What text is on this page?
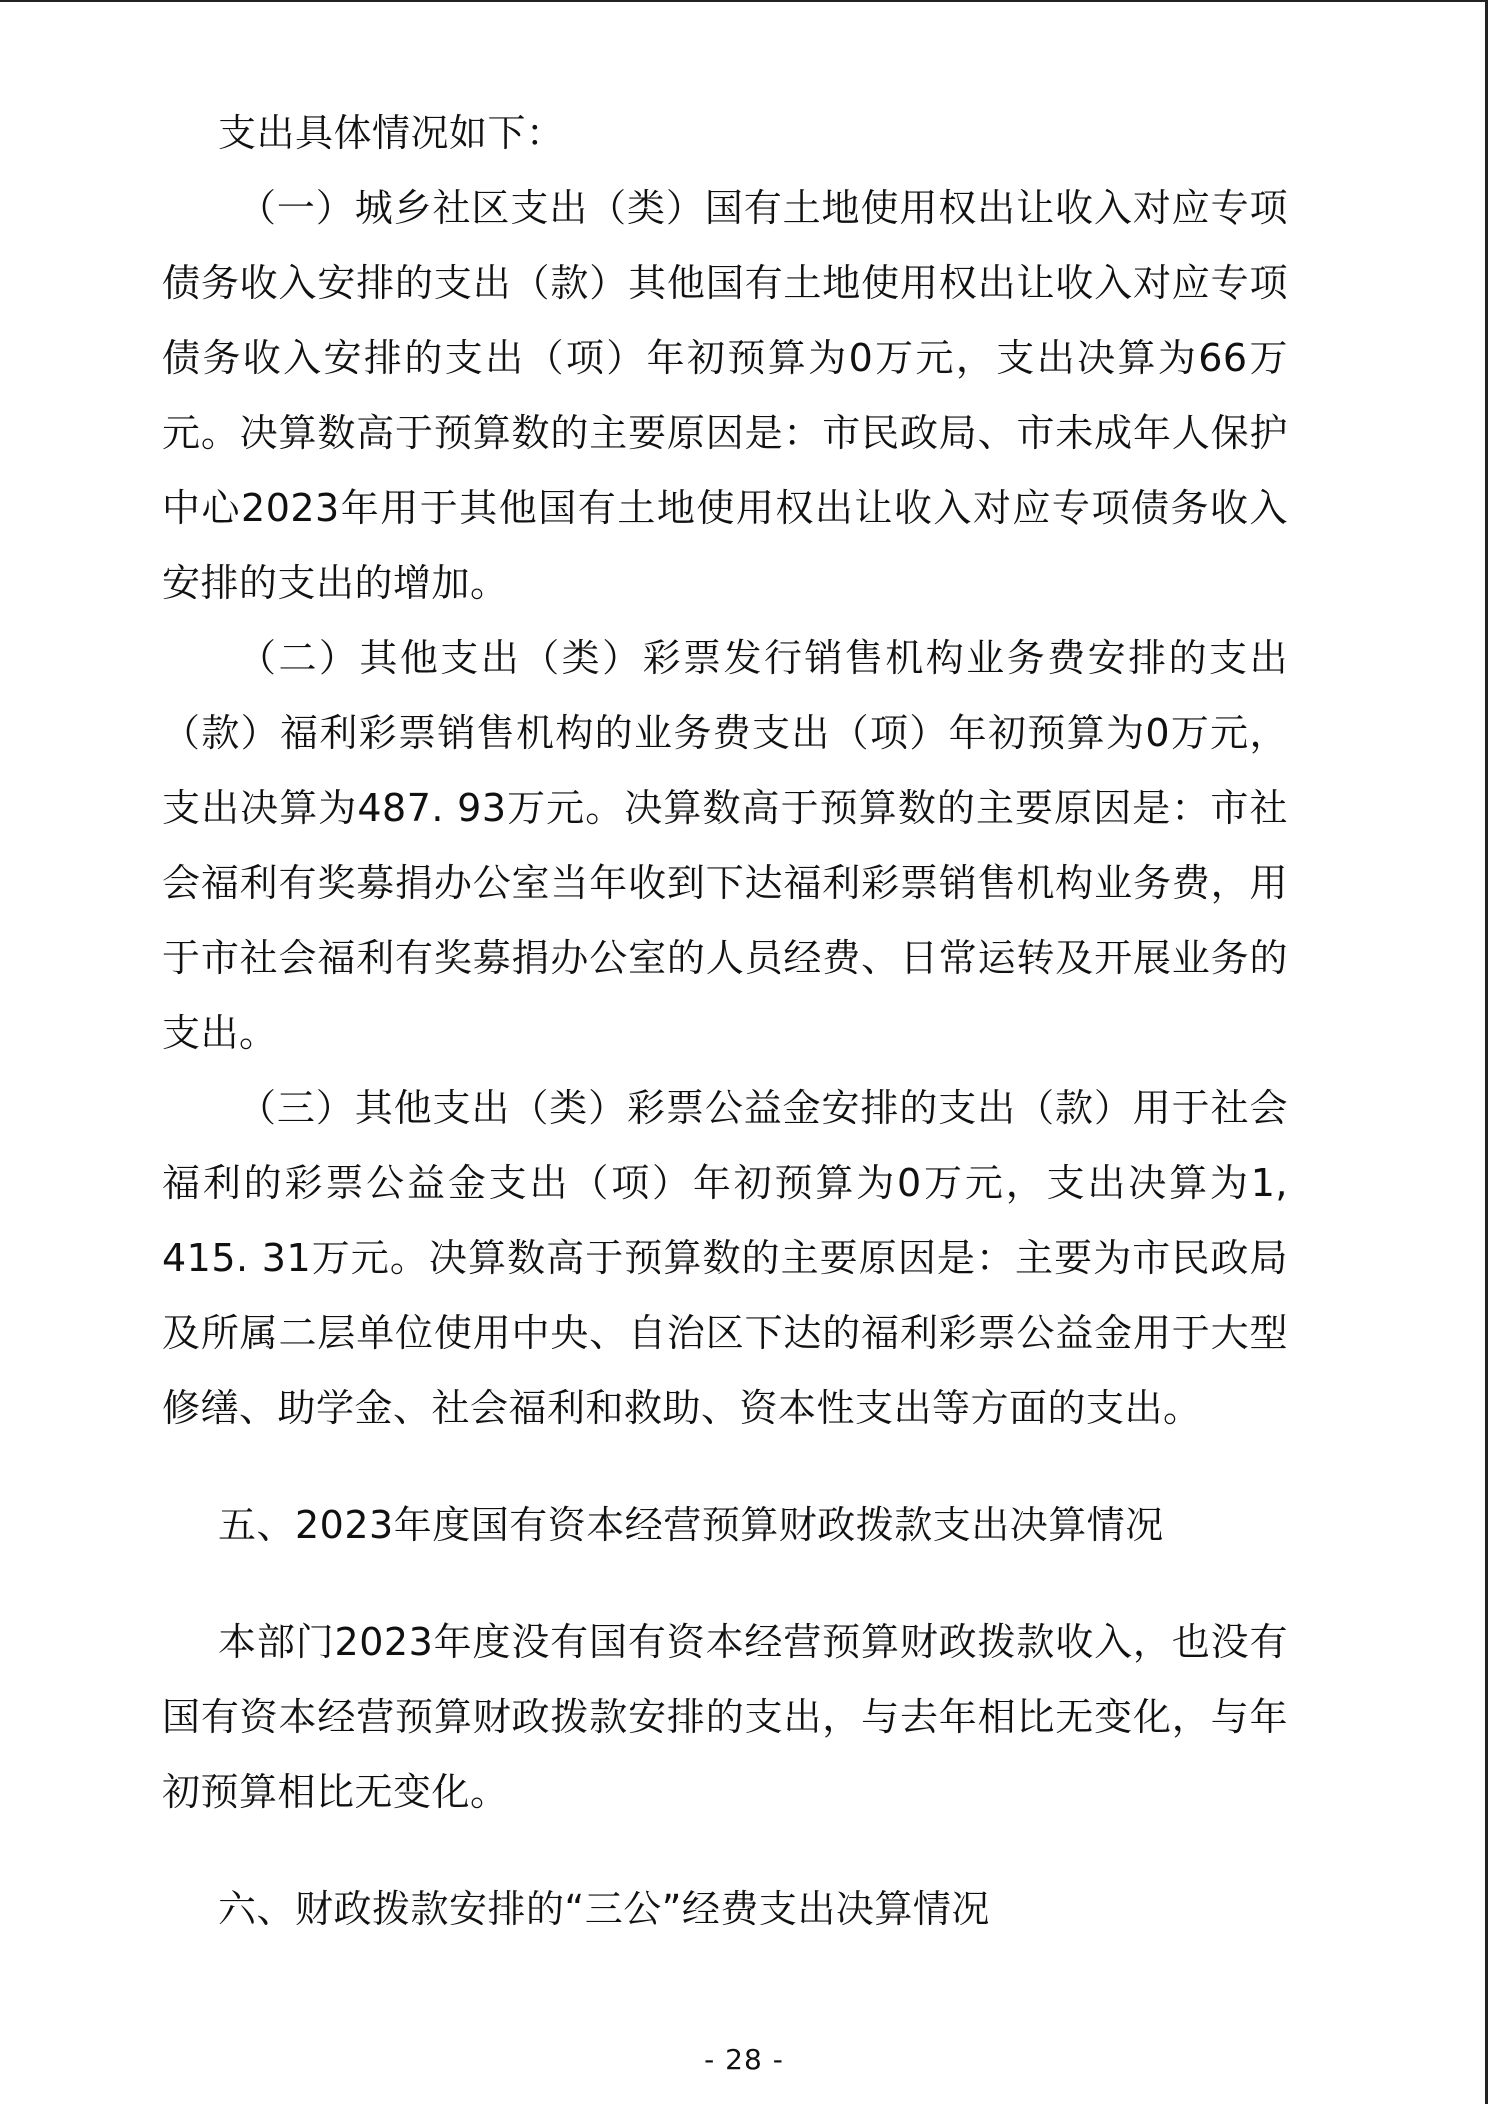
支出具体情况如下：

（一）城乡社区支出（类）国有土地使用权出让收入对应专项债务收入安排的支出（款）其他国有土地使用权出让收入对应专项债务收入安排的支出（项）年初预算为0万元，支出决算为66万元。决算数高于预算数的主要原因是：市民政局、市未成年人保护中心2023年用于其他国有土地使用权出让收入对应专项债务收入安排的支出的增加。

（二）其他支出（类）彩票发行销售机构业务费安排的支出（款）福利彩票销售机构的业务费支出（项）年初预算为0万元，支出决算为487. 93万元。决算数高于预算数的主要原因是：市社会福利有奖募捐办公室当年收到下达福利彩票销售机构业务费，用于市社会福利有奖募捐办公室的人员经费、日常运转及开展业务的支出。

（三）其他支出（类）彩票公益金安排的支出（款）用于社会福利的彩票公益金支出（项）年初预算为0万元，支出决算为1, 415. 31万元。决算数高于预算数的主要原因是：主要为市民政局及所属二层单位使用中央、自治区下达的福利彩票公益金用于大型修缮、助学金、社会福利和救助、资本性支出等方面的支出。

五、2023年度国有资本经营预算财政拨款支出决算情况

本部门2023年度没有国有资本经营预算财政拨款收入，也没有国有资本经营预算财政拨款安排的支出，与去年相比无变化，与年初预算相比无变化。

六、财政拨款安排的“三公”经费支出决算情况

- 28 -
